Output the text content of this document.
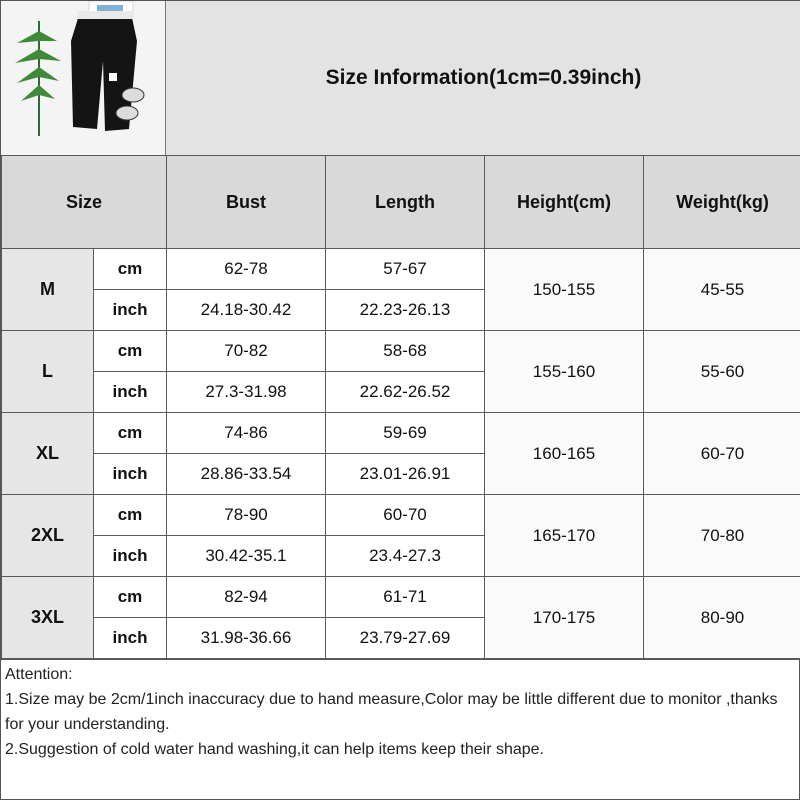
Size Information(1cm=0.39inch)
Size		Bust	Length	Height(cm)	Weight(kg)
M	cm	62-78	57-67	150-155	45-55
	inch	24.18-30.42	22.23-26.13		
L	cm	70-82	58-68	155-160	55-60
	inch	27.3-31.98	22.62-26.52		
XL	cm	74-86	59-69	160-165	60-70
	inch	28.86-33.54	23.01-26.91		
2XL	cm	78-90	60-70	165-170	70-80
	inch	30.42-35.1	23.4-27.3		
3XL	cm	82-94	61-71	170-175	80-90
	inch	31.98-36.66	23.79-27.69		
Attention:
1.Size may be 2cm/1inch inaccuracy due to hand measure,Color may be little different due to monitor ,thanks for your understanding.
2.Suggestion of cold water hand washing,it can help items keep their shape.
